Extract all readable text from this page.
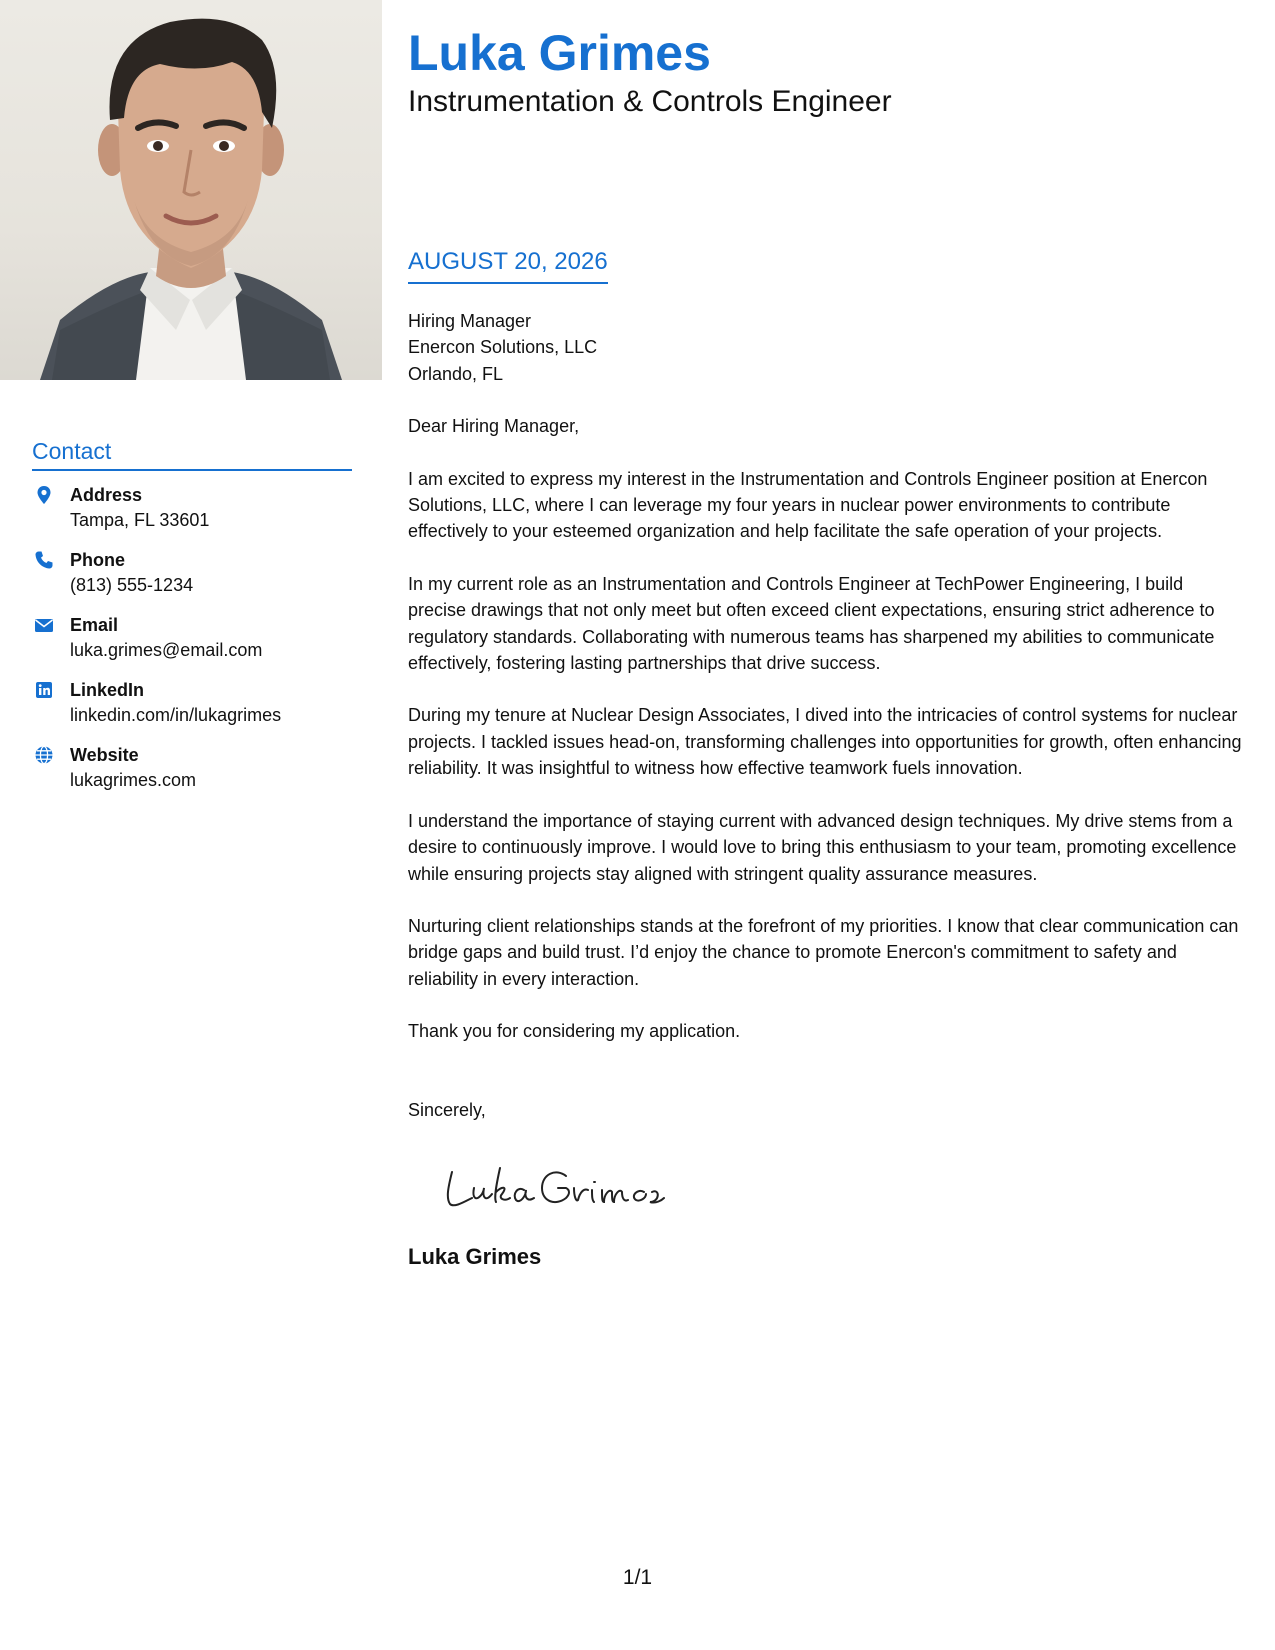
Contact
Address
Tampa, FL 33601
Phone
(813) 555-1234
Email
luka.grimes@email.com
LinkedIn
linkedin.com/in/lukagrimes
Website
lukagrimes.com
Luka Grimes
Instrumentation & Controls Engineer
AUGUST 20, 2026
Hiring Manager
Enercon Solutions, LLC
Orlando, FL

Dear Hiring Manager,

I am excited to express my interest in the Instrumentation and Controls Engineer position at Enercon Solutions, LLC, where I can leverage my four years in nuclear power environments to contribute effectively to your esteemed organization and help facilitate the safe operation of your projects.

In my current role as an Instrumentation and Controls Engineer at TechPower Engineering, I build precise drawings that not only meet but often exceed client expectations, ensuring strict adherence to regulatory standards. Collaborating with numerous teams has sharpened my abilities to communicate effectively, fostering lasting partnerships that drive success.

During my tenure at Nuclear Design Associates, I dived into the intricacies of control systems for nuclear projects. I tackled issues head-on, transforming challenges into opportunities for growth, often enhancing reliability. It was insightful to witness how effective teamwork fuels innovation.

I understand the importance of staying current with advanced design techniques. My drive stems from a desire to continuously improve. I would love to bring this enthusiasm to your team, promoting excellence while ensuring projects stay aligned with stringent quality assurance measures.

Nurturing client relationships stands at the forefront of my priorities. I know that clear communication can bridge gaps and build trust. I’d enjoy the chance to promote Enercon's commitment to safety and reliability in every interaction.

Thank you for considering my application.

Sincerely,

Luka Grimes
1/1
